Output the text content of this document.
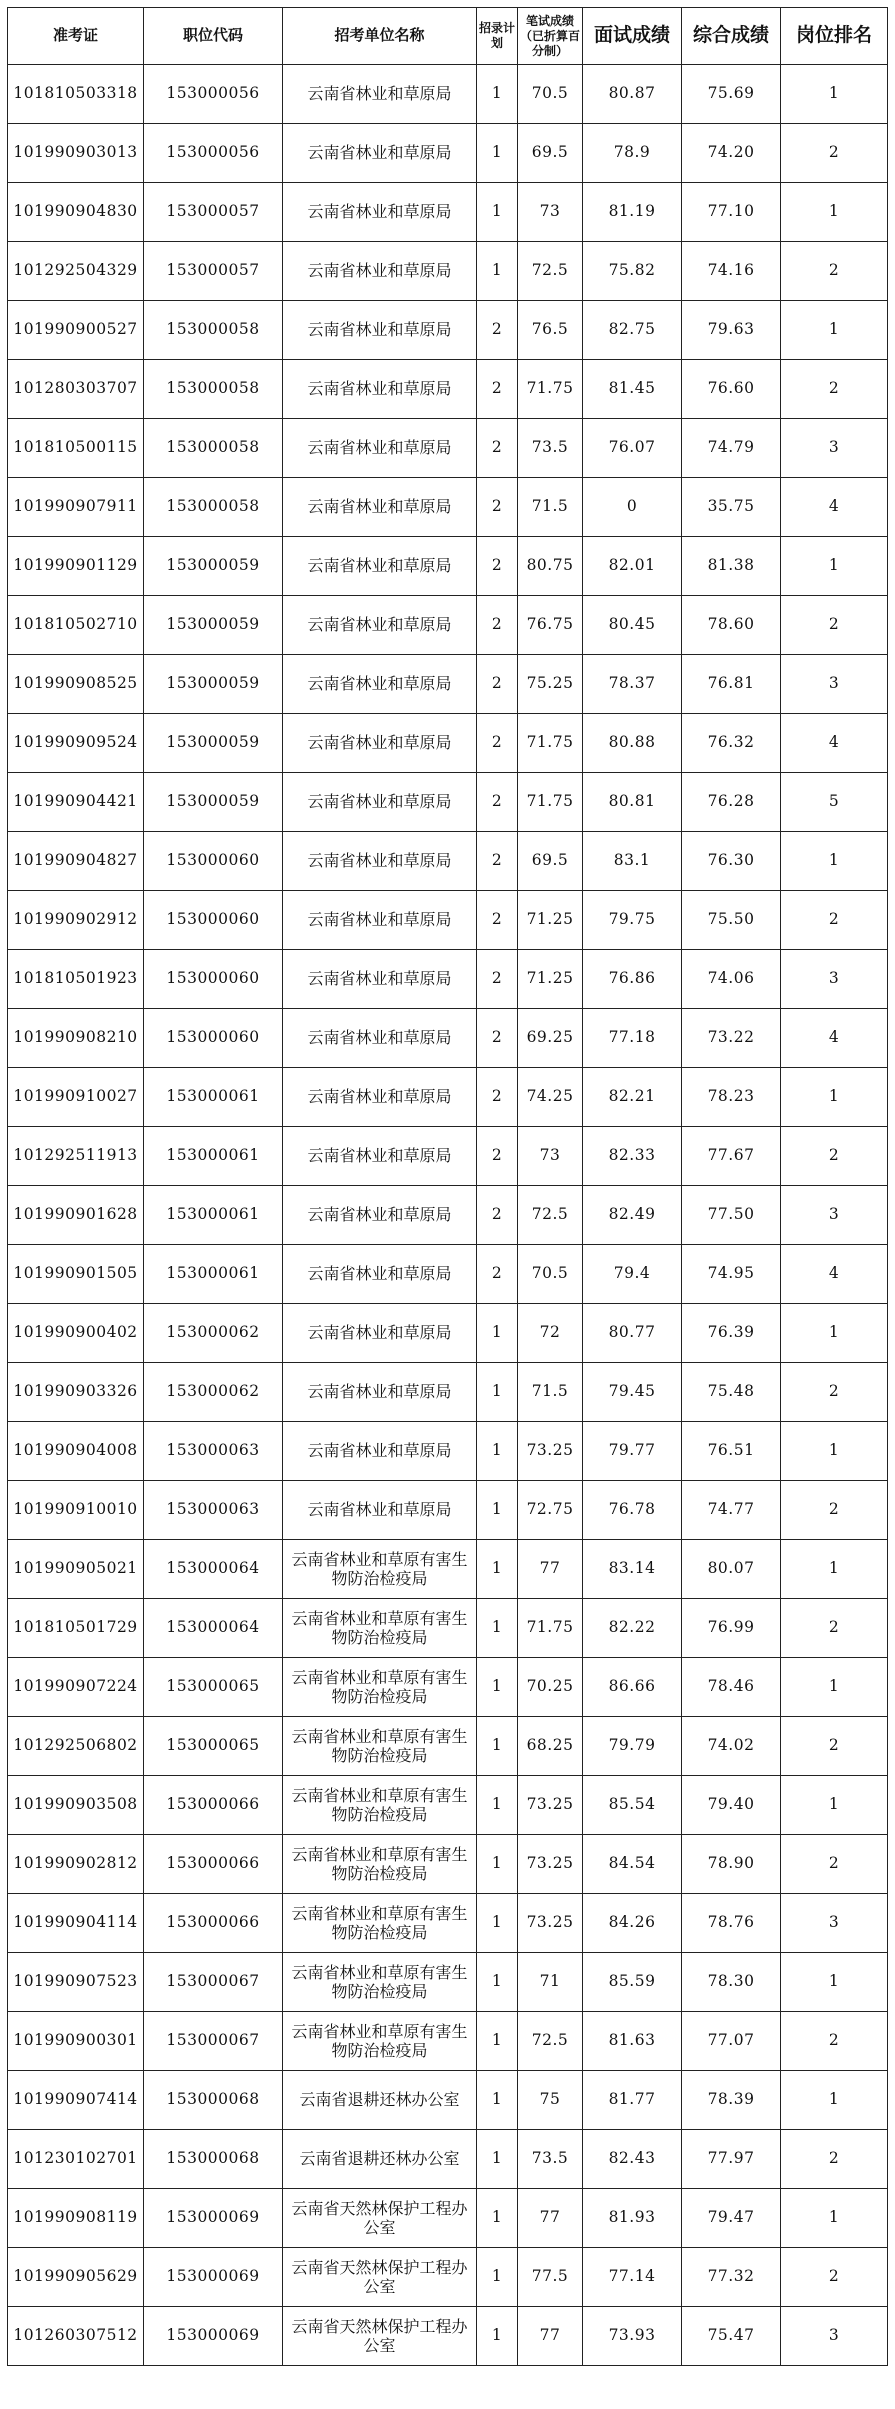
准考证	职位代码	招考单位名称	招录计划	笔试成绩（已折算百分制）	面试成绩	综合成绩	岗位排名
101810503318	153000056	云南省林业和草原局	1	70.5	80.87	75.69	1
101990903013	153000056	云南省林业和草原局	1	69.5	78.9	74.20	2
101990904830	153000057	云南省林业和草原局	1	73	81.19	77.10	1
101292504329	153000057	云南省林业和草原局	1	72.5	75.82	74.16	2
101990900527	153000058	云南省林业和草原局	2	76.5	82.75	79.63	1
101280303707	153000058	云南省林业和草原局	2	71.75	81.45	76.60	2
101810500115	153000058	云南省林业和草原局	2	73.5	76.07	74.79	3
101990907911	153000058	云南省林业和草原局	2	71.5	0	35.75	4
101990901129	153000059	云南省林业和草原局	2	80.75	82.01	81.38	1
101810502710	153000059	云南省林业和草原局	2	76.75	80.45	78.60	2
101990908525	153000059	云南省林业和草原局	2	75.25	78.37	76.81	3
101990909524	153000059	云南省林业和草原局	2	71.75	80.88	76.32	4
101990904421	153000059	云南省林业和草原局	2	71.75	80.81	76.28	5
101990904827	153000060	云南省林业和草原局	2	69.5	83.1	76.30	1
101990902912	153000060	云南省林业和草原局	2	71.25	79.75	75.50	2
101810501923	153000060	云南省林业和草原局	2	71.25	76.86	74.06	3
101990908210	153000060	云南省林业和草原局	2	69.25	77.18	73.22	4
101990910027	153000061	云南省林业和草原局	2	74.25	82.21	78.23	1
101292511913	153000061	云南省林业和草原局	2	73	82.33	77.67	2
101990901628	153000061	云南省林业和草原局	2	72.5	82.49	77.50	3
101990901505	153000061	云南省林业和草原局	2	70.5	79.4	74.95	4
101990900402	153000062	云南省林业和草原局	1	72	80.77	76.39	1
101990903326	153000062	云南省林业和草原局	1	71.5	79.45	75.48	2
101990904008	153000063	云南省林业和草原局	1	73.25	79.77	76.51	1
101990910010	153000063	云南省林业和草原局	1	72.75	76.78	74.77	2
101990905021	153000064	云南省林业和草原有害生物防治检疫局	1	77	83.14	80.07	1
101810501729	153000064	云南省林业和草原有害生物防治检疫局	1	71.75	82.22	76.99	2
101990907224	153000065	云南省林业和草原有害生物防治检疫局	1	70.25	86.66	78.46	1
101292506802	153000065	云南省林业和草原有害生物防治检疫局	1	68.25	79.79	74.02	2
101990903508	153000066	云南省林业和草原有害生物防治检疫局	1	73.25	85.54	79.40	1
101990902812	153000066	云南省林业和草原有害生物防治检疫局	1	73.25	84.54	78.90	2
101990904114	153000066	云南省林业和草原有害生物防治检疫局	1	73.25	84.26	78.76	3
101990907523	153000067	云南省林业和草原有害生物防治检疫局	1	71	85.59	78.30	1
101990900301	153000067	云南省林业和草原有害生物防治检疫局	1	72.5	81.63	77.07	2
101990907414	153000068	云南省退耕还林办公室	1	75	81.77	78.39	1
101230102701	153000068	云南省退耕还林办公室	1	73.5	82.43	77.97	2
101990908119	153000069	云南省天然林保护工程办公室	1	77	81.93	79.47	1
101990905629	153000069	云南省天然林保护工程办公室	1	77.5	77.14	77.32	2
101260307512	153000069	云南省天然林保护工程办公室	1	77	73.93	75.47	3
